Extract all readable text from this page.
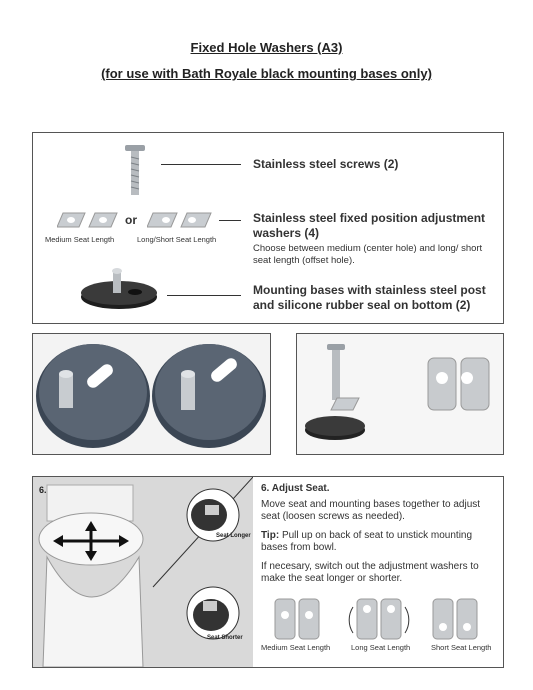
Fixed Hole Washers (A3)
(for use with Bath Royale black mounting bases only)
Stainless steel screws (2)
or
Medium Seat Length	Long/Short Seat Length
Stainless steel fixed position adjustment washers (4)
Choose between medium (center hole) and long/ short seat length (offset hole).
Mounting bases with stainless steel post and silicone rubber seal on bottom (2)
6.
Seat Longer
Seat Shorter

6. Adjust Seat.

Move seat and mounting bases together to adjust seat (loosen screws as needed).

Tip: Pull up on back of seat to unstick mounting bases from bowl.

If necesary, switch out the adjustment washers to make the seat longer or shorter.

Medium Seat Length	Long Seat Length	Short Seat Length
